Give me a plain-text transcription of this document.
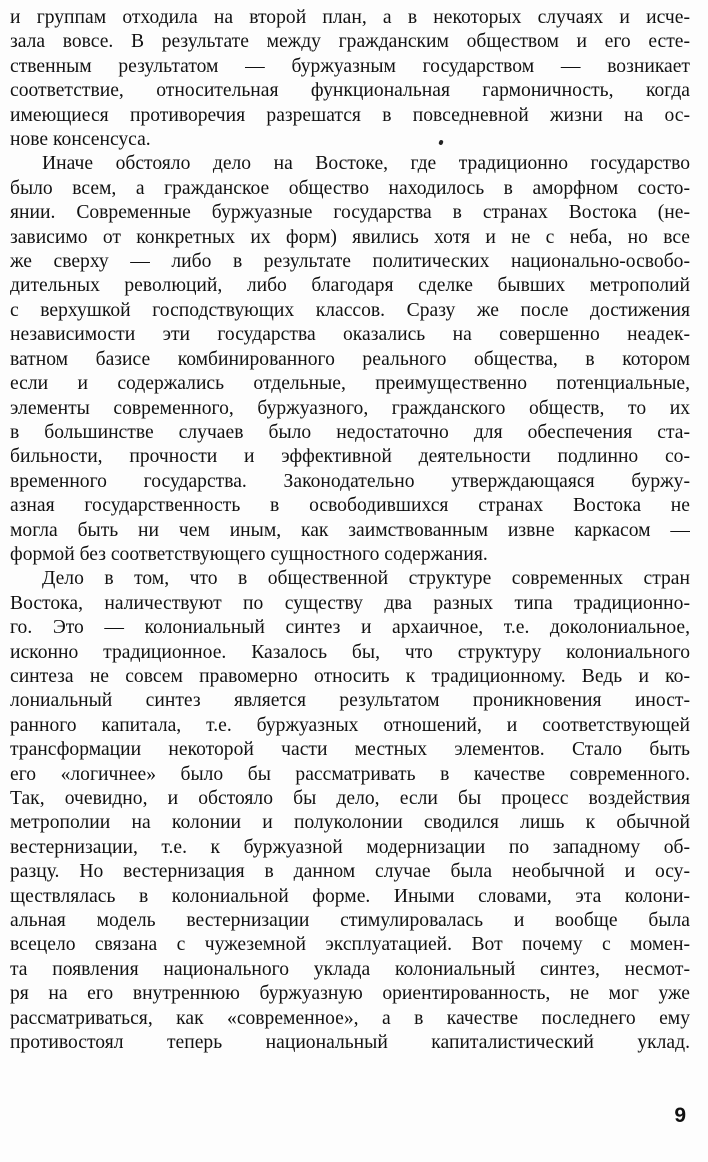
и группам отходила на второй план, а в некоторых случаях и исче-
зала вовсе. В результате между гражданским обществом и его есте-
ственным результатом — буржуазным государством — возникает
соответствие, относительная функциональная гармоничность, когда
имеющиеся противоречия разрешатся в повседневной жизни на ос-
нове консенсуса.
Иначе обстояло дело на Востоке, где традиционно государство
было всем, а гражданское общество находилось в аморфном состо-
янии. Современные буржуазные государства в странах Востока (не-
зависимо от конкретных их форм) явились хотя и не с неба, но все
же сверху — либо в результате политических национально-освобо-
дительных революций, либо благодаря сделке бывших метрополий
с верхушкой господствующих классов. Сразу же после достижения
независимости эти государства оказались на совершенно неадек-
ватном базисе комбинированного реального общества, в котором
если и содержались отдельные, преимущественно потенциальные,
элементы современного, буржуазного, гражданского обществ, то их
в большинстве случаев было недостаточно для обеспечения ста-
бильности, прочности и эффективной деятельности подлинно со-
временного государства. Законодательно утверждающаяся буржу-
азная государственность в освободившихся странах Востока не
могла быть ни чем иным, как заимствованным извне каркасом —
формой без соответствующего сущностного содержания.
Дело в том, что в общественной структуре современных стран
Востока, наличествуют по существу два разных типа традиционно-
го. Это — колониальный синтез и архаичное, т.е. доколониальное,
исконно традиционное. Казалось бы, что структуру колониального
синтеза не совсем правомерно относить к традиционному. Ведь и ко-
лониальный синтез является результатом проникновения иност-
ранного капитала, т.е. буржуазных отношений, и соответствующей
трансформации некоторой части местных элементов. Стало быть
его «логичнее» было бы рассматривать в качестве современного.
Так, очевидно, и обстояло бы дело, если бы процесс воздействия
метрополии на колонии и полуколонии сводился лишь к обычной
вестернизации, т.е. к буржуазной модернизации по западному об-
разцу. Но вестернизация в данном случае была необычной и осу-
ществлялась в колониальной форме. Иными словами, эта колони-
альная модель вестернизации стимулировалась и вообще была
всецело связана с чужеземной эксплуатацией. Вот почему с момен-
та появления национального уклада колониальный синтез, несмот-
ря на его внутреннюю буржуазную ориентированность, не мог уже
рассматриваться, как «современное», а в качестве последнего ему
противостоял теперь национальный капиталистический уклад.
9
